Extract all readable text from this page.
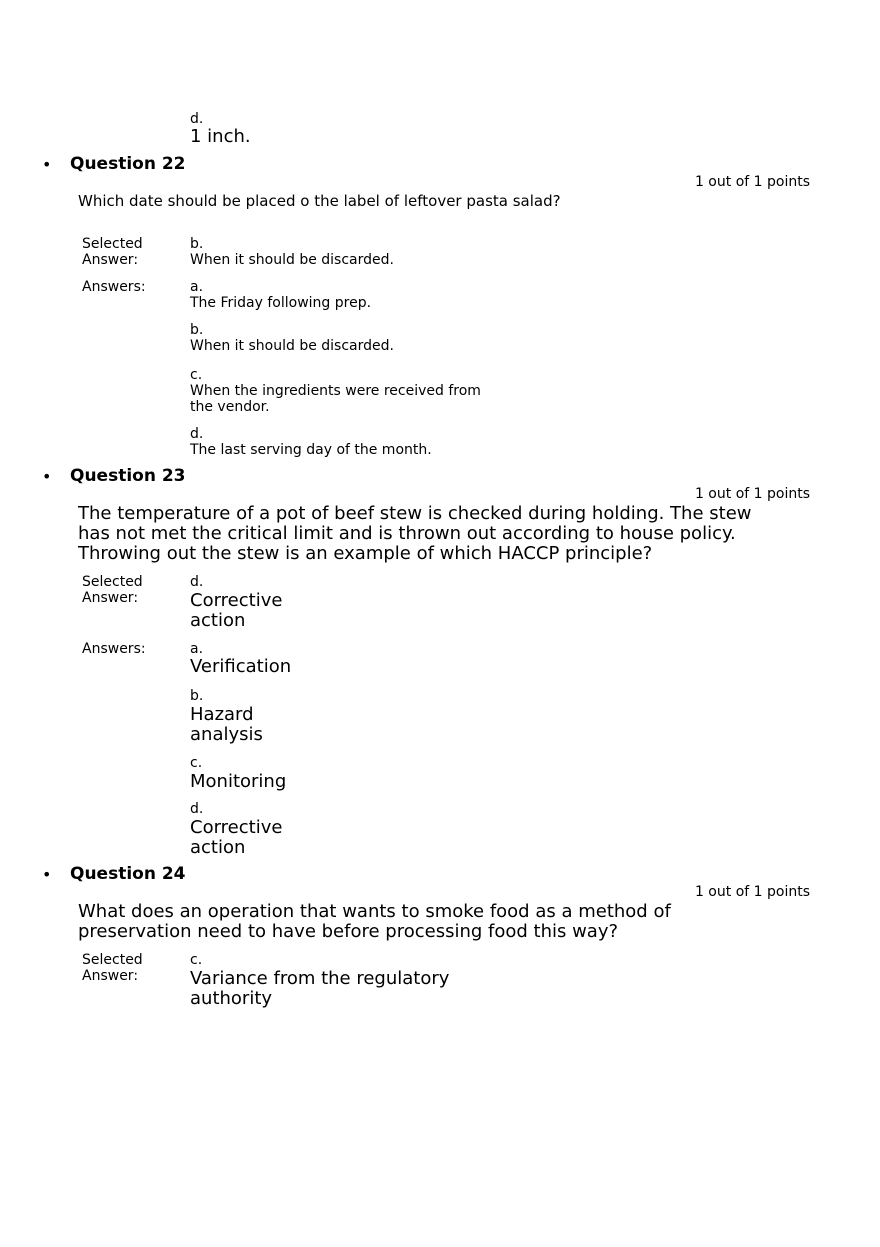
d.
1 inch.
• Question 22
1 out of 1 points
Which date should be placed o the label of leftover pasta salad?
Selected
Answer:
b.
When it should be discarded.
Answers:	a.
The Friday following prep.
b.
When it should be discarded.
c.
When the ingredients were received from
the vendor.
d.
The last serving day of the month.
• Question 23
1 out of 1 points
The temperature of a pot of beef stew is checked during holding. The stew
has not met the critical limit and is thrown out according to house policy.
Throwing out the stew is an example of which HACCP principle?
Selected
Answer:
d.
Corrective
action
Answers:	a.
Verification
b.
Hazard
analysis
c.
Monitoring
d.
Corrective
action
• Question 24
1 out of 1 points
What does an operation that wants to smoke food as a method of
preservation need to have before processing food this way?
Selected
Answer:
c.
Variance from the regulatory
authority
